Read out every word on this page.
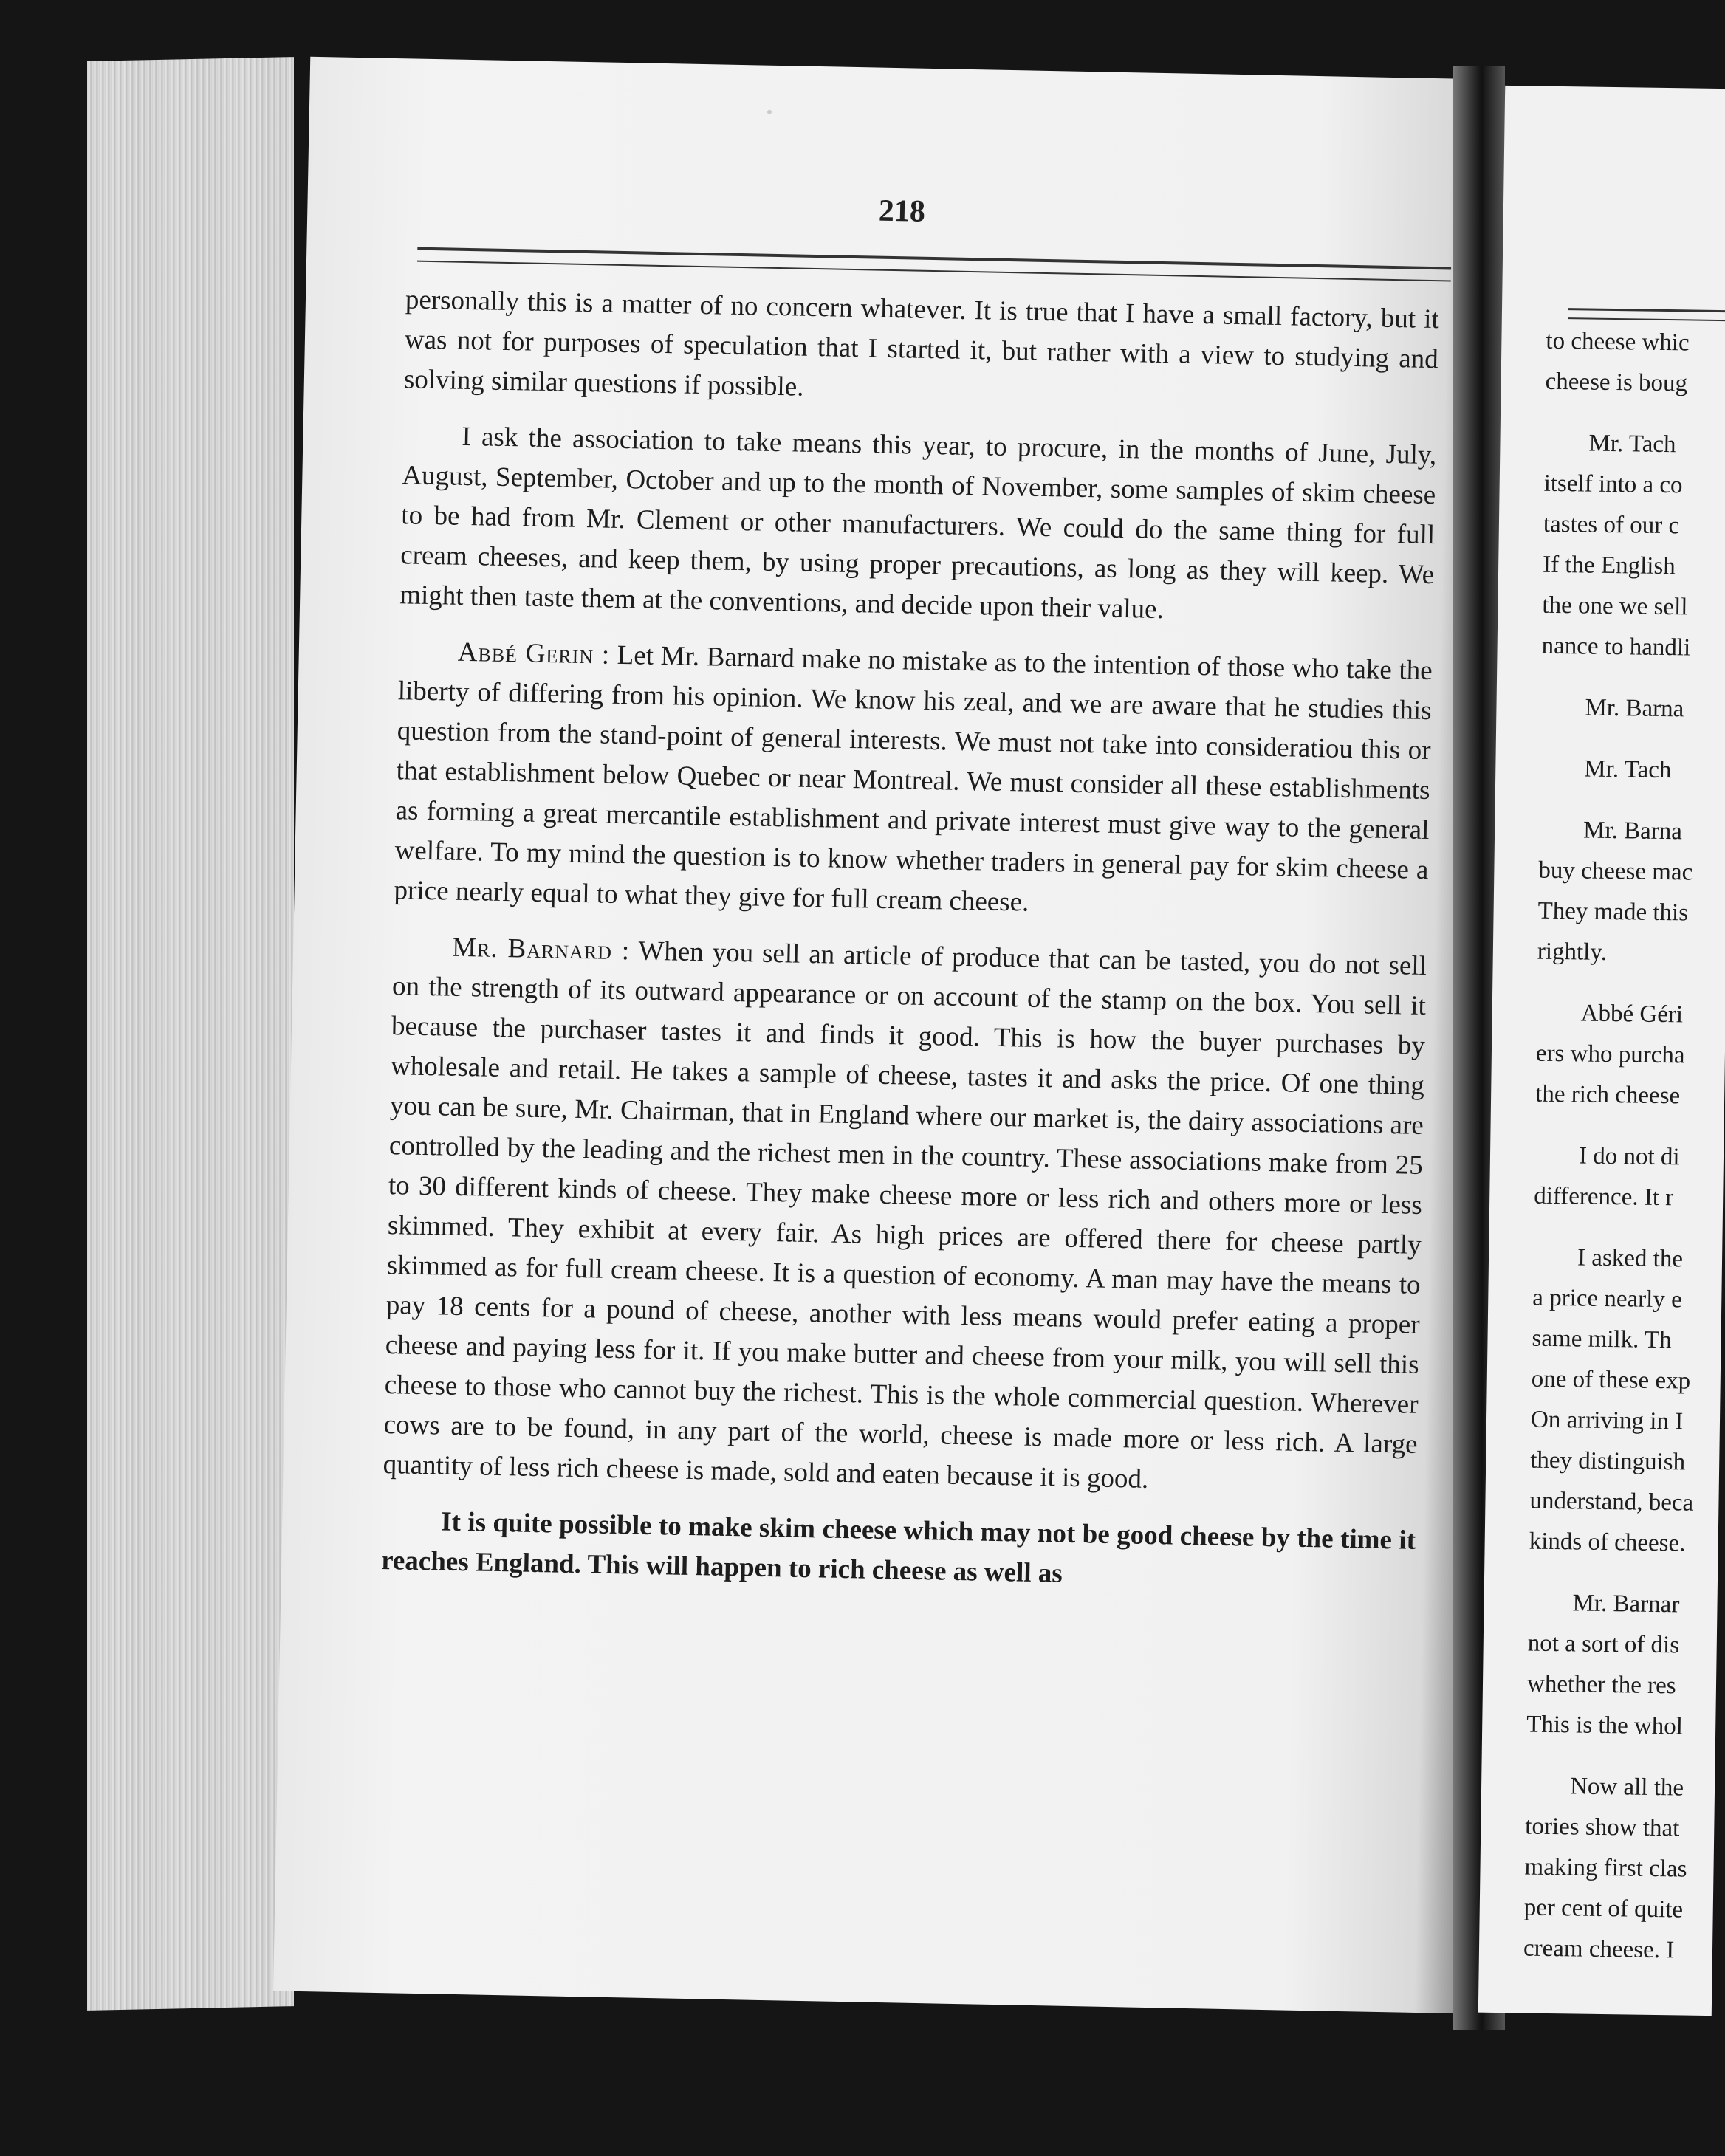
218

personally this is a matter of no concern whatever. It is true that I have a small factory, but it was not for purposes of speculation that I started it, but rather with a view to studying and solving similar questions if possible.

I ask the association to take means this year, to procure, in the months of June, July, August, September, October and up to the month of November, some samples of skim cheese to be had from Mr. Clement or other manufacturers. We could do the same thing for full cream cheeses, and keep them, by using proper precautions, as long as they will keep. We might then taste them at the conventions, and decide upon their value.

Abbé Gerin : Let Mr. Barnard make no mistake as to the intention of those who take the liberty of differing from his opinion. We know his zeal, and we are aware that he studies this question from the stand-point of general interests. We must not take into consideratiou this or that establishment below Quebec or near Montreal. We must consider all these establishments as forming a great mercantile establishment and private interest must give way to the general welfare. To my mind the question is to know whether traders in general pay for skim cheese a price nearly equal to what they give for full cream cheese.

Mr. Barnard : When you sell an article of produce that can be tasted, you do not sell on the strength of its outward appearance or on account of the stamp on the box. You sell it because the purchaser tastes it and finds it good. This is how the buyer purchases by wholesale and retail. He takes a sample of cheese, tastes it and asks the price. Of one thing you can be sure, Mr. Chairman, that in England where our market is, the dairy associations are controlled by the leading and the richest men in the country. These associations make from 25 to 30 different kinds of cheese. They make cheese more or less rich and others more or less skimmed. They exhibit at every fair. As high prices are offered there for cheese partly skimmed as for full cream cheese. It is a question of economy. A man may have the means to pay 18 cents for a pound of cheese, another with less means would prefer eating a proper cheese and paying less for it. If you make butter and cheese from your milk, you will sell this cheese to those who cannot buy the richest. This is the whole commercial question. Wherever cows are to be found, in any part of the world, cheese is made more or less rich. A large quantity of less rich cheese is made, sold and eaten because it is good.

It is quite possible to make skim cheese which may not be good cheese by the time it reaches England. This will happen to rich cheese as well as

to cheese whic
cheese is boug
Mr. Tach
itself into a co
tastes of our c
If the English
the one we sell
nance to handli
Mr. Barna
Mr. Tach
Mr. Barna
buy cheese mac
They made this
rightly.
Abbé Géri
ers who purcha
the rich cheese
I do not di
difference. It r
I asked the
a price nearly e
same milk. Th
one of these exp
On arriving in I
they distinguish
understand, beca
kinds of cheese.
Mr. Barnar
not a sort of dis
whether the res
This is the whol
Now all the
tories show that
making first clas
per cent of quite
cream cheese. I
